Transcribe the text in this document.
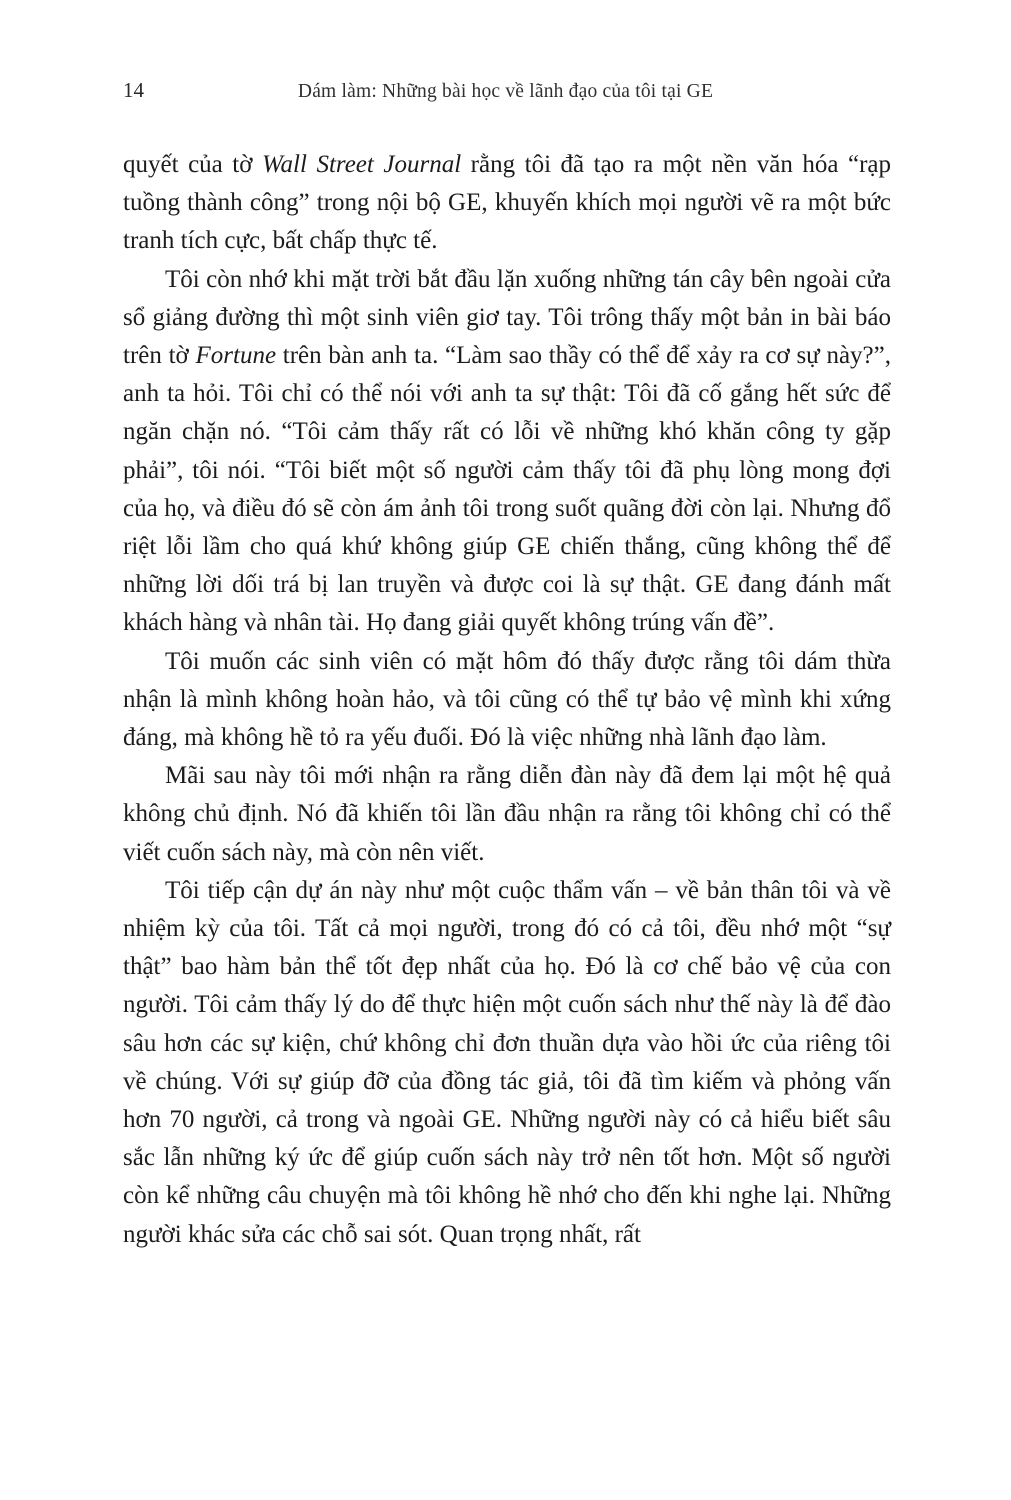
14	Dám làm: Những bài học về lãnh đạo của tôi tại GE

quyết của tờ Wall Street Journal rằng tôi đã tạo ra một nền văn hóa “rạp tuồng thành công” trong nội bộ GE, khuyến khích mọi người vẽ ra một bức tranh tích cực, bất chấp thực tế.

Tôi còn nhớ khi mặt trời bắt đầu lặn xuống những tán cây bên ngoài cửa sổ giảng đường thì một sinh viên giơ tay. Tôi trông thấy một bản in bài báo trên tờ Fortune trên bàn anh ta. “Làm sao thầy có thể để xảy ra cơ sự này?”, anh ta hỏi. Tôi chỉ có thể nói với anh ta sự thật: Tôi đã cố gắng hết sức để ngăn chặn nó. “Tôi cảm thấy rất có lỗi về những khó khăn công ty gặp phải”, tôi nói. “Tôi biết một số người cảm thấy tôi đã phụ lòng mong đợi của họ, và điều đó sẽ còn ám ảnh tôi trong suốt quãng đời còn lại. Nhưng đổ riệt lỗi lầm cho quá khứ không giúp GE chiến thắng, cũng không thể để những lời dối trá bị lan truyền và được coi là sự thật. GE đang đánh mất khách hàng và nhân tài. Họ đang giải quyết không trúng vấn đề”.

Tôi muốn các sinh viên có mặt hôm đó thấy được rằng tôi dám thừa nhận là mình không hoàn hảo, và tôi cũng có thể tự bảo vệ mình khi xứng đáng, mà không hề tỏ ra yếu đuối. Đó là việc những nhà lãnh đạo làm.

Mãi sau này tôi mới nhận ra rằng diễn đàn này đã đem lại một hệ quả không chủ định. Nó đã khiến tôi lần đầu nhận ra rằng tôi không chỉ có thể viết cuốn sách này, mà còn nên viết.

Tôi tiếp cận dự án này như một cuộc thẩm vấn – về bản thân tôi và về nhiệm kỳ của tôi. Tất cả mọi người, trong đó có cả tôi, đều nhớ một “sự thật” bao hàm bản thể tốt đẹp nhất của họ. Đó là cơ chế bảo vệ của con người. Tôi cảm thấy lý do để thực hiện một cuốn sách như thế này là để đào sâu hơn các sự kiện, chứ không chỉ đơn thuần dựa vào hồi ức của riêng tôi về chúng. Với sự giúp đỡ của đồng tác giả, tôi đã tìm kiếm và phỏng vấn hơn 70 người, cả trong và ngoài GE. Những người này có cả hiểu biết sâu sắc lẫn những ký ức để giúp cuốn sách này trở nên tốt hơn. Một số người còn kể những câu chuyện mà tôi không hề nhớ cho đến khi nghe lại. Những người khác sửa các chỗ sai sót. Quan trọng nhất, rất
